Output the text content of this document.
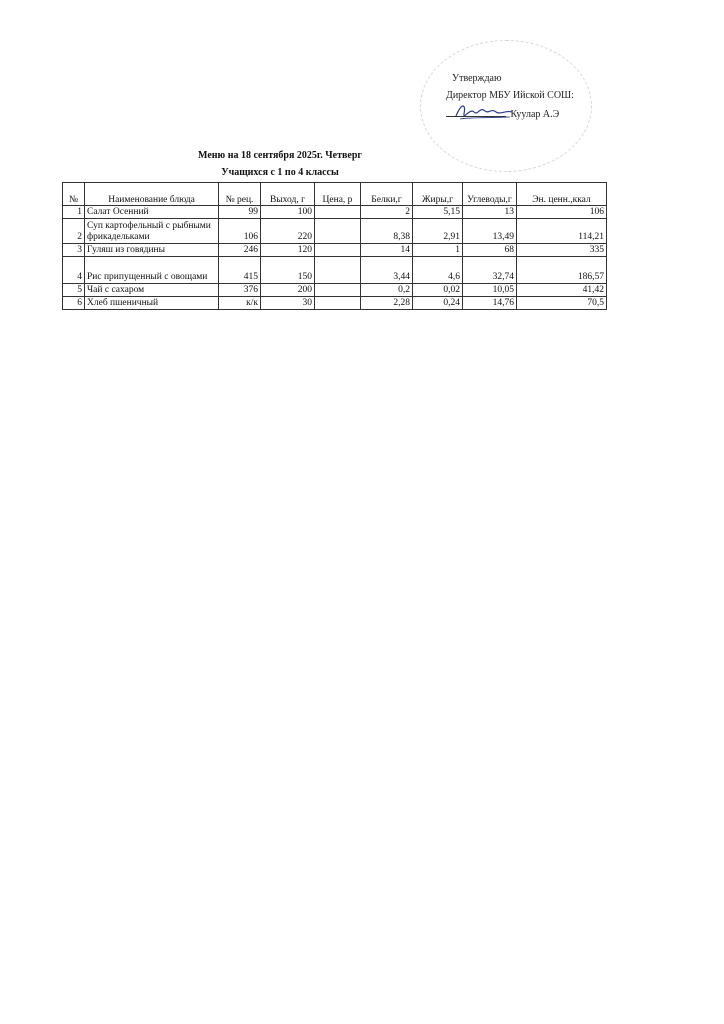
Утверждаю
Директор МБУ Ийской СОШ:
Куулар А.Э
Меню на 18 сентября 2025г. Четверг
Учащихся с 1 по 4 классы
№	Наименование блюда	№ рец.	Выход, г	Цена, р	Белки,г	Жиры,г	Углеводы,г	Эн. ценн.,ккал
1	Салат Осенний	99	100		2	5,15	13	106
2	Суп картофельный с рыбными фрикадельками	106	220		8,38	2,91	13,49	114,21
3	Гуляш из говядины	246	120		14	1	68	335
4	Рис припущенный с овощами	415	150		3,44	4,6	32,74	186,57
5	Чай с сахаром	376	200		0,2	0,02	10,05	41,42
6	Хлеб пшеничный	к/к	30		2,28	0,24	14,76	70,5
